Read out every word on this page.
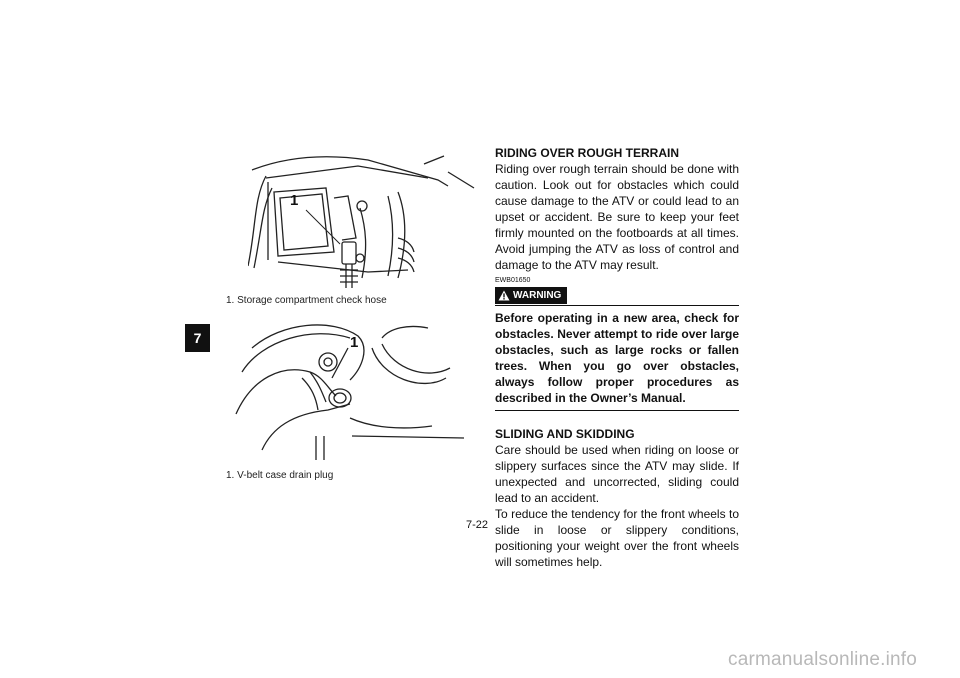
7
1
1. Storage compartment check hose
1
1. V-belt case drain plug

RIDING OVER ROUGH TERRAIN

Riding over rough terrain should be done with caution. Look out for obstacles which could cause damage to the ATV or could lead to an upset or accident. Be sure to keep your feet firmly mounted on the footboards at all times. Avoid jumping the ATV as loss of control and damage to the ATV may result.

EWB01650
WARNING

Before operating in a new area, check for obstacles. Never attempt to ride over large obstacles, such as large rocks or fallen trees. When you go over obstacles, always follow proper procedures as described in the Owner’s Manual.

SLIDING AND SKIDDING

Care should be used when riding on loose or slippery surfaces since the ATV may slide. If unexpected and uncorrected, sliding could lead to an accident.

To reduce the tendency for the front wheels to slide in loose or slippery conditions, positioning your weight over the front wheels will sometimes help.

7-22
carmanualsonline.info
